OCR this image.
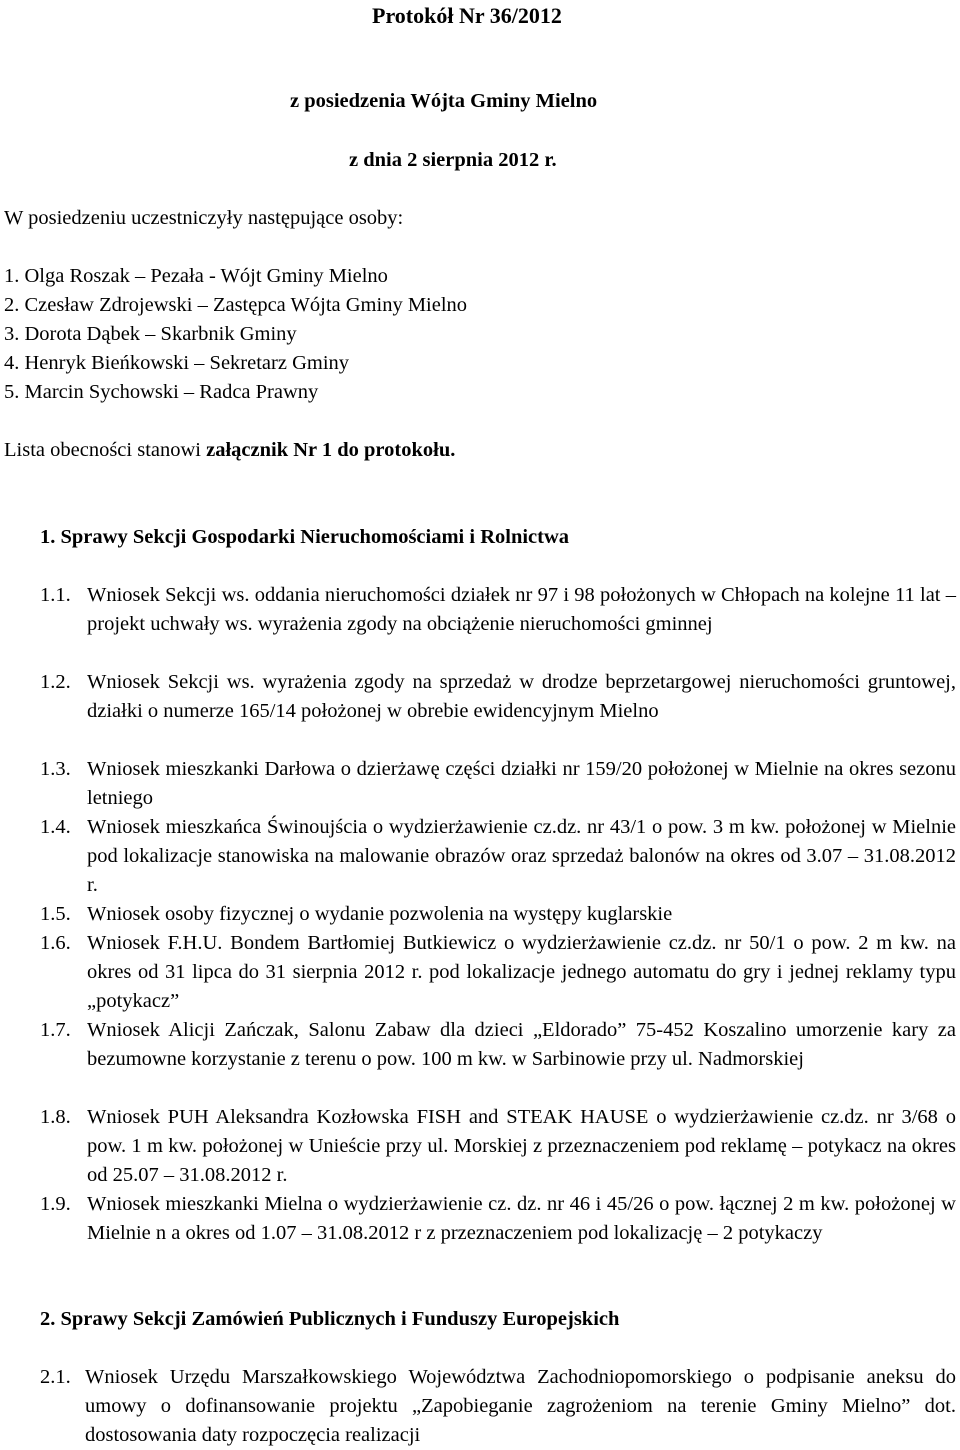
Protokół Nr 36/2012

z posiedzenia Wójta Gminy Mielno

z dnia 2 sierpnia 2012 r.

W posiedzeniu uczestniczyły następujące osoby:

1. Olga Roszak – Pezała - Wójt Gminy Mielno

2. Czesław Zdrojewski – Zastępca Wójta Gminy Mielno

3. Dorota Dąbek – Skarbnik Gminy

4. Henryk Bieńkowski – Sekretarz Gminy

5. Marcin Sychowski – Radca Prawny

Lista obecności stanowi załącznik Nr 1 do protokołu.

1. Sprawy Sekcji Gospodarki Nieruchomościami i Rolnictwa

1.1. Wniosek Sekcji ws. oddania nieruchomości działek nr 97 i 98 położonych w Chłopach na kolejne 11 lat – projekt uchwały ws. wyrażenia zgody na obciążenie nieruchomości gminnej
1.2. Wniosek Sekcji ws. wyrażenia zgody na sprzedaż w drodze beprzetargowej nieruchomości gruntowej, działki o numerze 165/14 położonej w obrebie ewidencyjnym Mielno
1.3. Wniosek mieszkanki Darłowa o dzierżawę części działki nr 159/20 położonej w Mielnie na okres sezonu letniego
1.4. Wniosek mieszkańca Świnoujścia o wydzierżawienie cz.dz. nr 43/1 o pow. 3 m kw. położonej w Mielnie pod lokalizacje stanowiska na malowanie obrazów oraz sprzedaż balonów na okres od 3.07 – 31.08.2012 r.
1.5. Wniosek osoby fizycznej o wydanie pozwolenia na występy kuglarskie
1.6. Wniosek F.H.U. Bondem Bartłomiej Butkiewicz o wydzierżawienie cz.dz. nr 50/1 o pow. 2 m kw. na okres od 31 lipca do 31 sierpnia 2012 r. pod lokalizacje jednego automatu do gry i jednej reklamy typu „potykacz”
1.7. Wniosek Alicji Zańczak, Salonu Zabaw dla dzieci „Eldorado” 75-452 Koszalino umorzenie kary za bezumowne korzystanie z terenu o pow. 100 m kw. w Sarbinowie przy ul. Nadmorskiej
1.8. Wniosek PUH Aleksandra Kozłowska FISH and STEAK HAUSE o wydzierżawienie cz.dz. nr 3/68 o pow. 1 m kw. położonej w Unieście przy ul. Morskiej z przeznaczeniem pod reklamę – potykacz na okres od 25.07 – 31.08.2012 r.
1.9. Wniosek mieszkanki Mielna o wydzierżawienie cz. dz. nr 46 i 45/26 o pow. łącznej 2 m kw. położonej w Mielnie n a okres od 1.07 – 31.08.2012 r z przeznaczeniem pod lokalizację – 2 potykaczy

2. Sprawy Sekcji Zamówień Publicznych i Funduszy Europejskich

2.1. Wniosek Urzędu Marszałkowskiego Województwa Zachodniopomorskiego o podpisanie aneksu do umowy o dofinansowanie projektu „Zapobieganie zagrożeniom na terenie Gminy Mielno” dot. dostosowania daty rozpoczęcia realizacji
